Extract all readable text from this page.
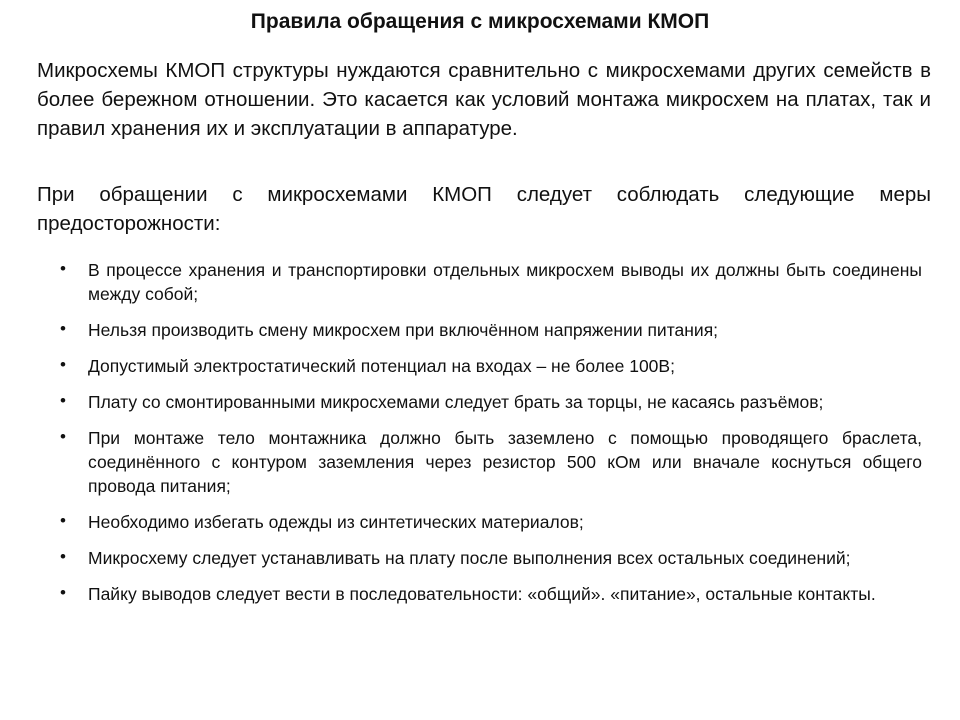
Правила обращения с микросхемами КМОП

Микросхемы КМОП структуры нуждаются сравнительно с микросхемами других семейств в более бережном отношении. Это касается как условий монтажа микросхем на платах, так и правил хранения их и эксплуатации в аппаратуре.

При обращении с микросхемами КМОП следует соблюдать следующие меры предосторожности:

• В процессе хранения и транспортировки отдельных микросхем выводы их должны быть соединены между собой;
• Нельзя производить смену микросхем при включённом напряжении питания;
• Допустимый электростатический потенциал на входах – не более 100В;
• Плату со смонтированными микросхемами следует брать за торцы, не касаясь разъёмов;
• При монтаже тело монтажника должно быть заземлено с помощью проводящего браслета, соединённого с контуром заземления через резистор 500 кОм или вначале коснуться общего провода питания;
• Необходимо избегать одежды из синтетических материалов;
• Микросхему следует устанавливать на плату после выполнения всех остальных соединений;
• Пайку выводов следует вести в последовательности: «общий». «питание», остальные контакты.
